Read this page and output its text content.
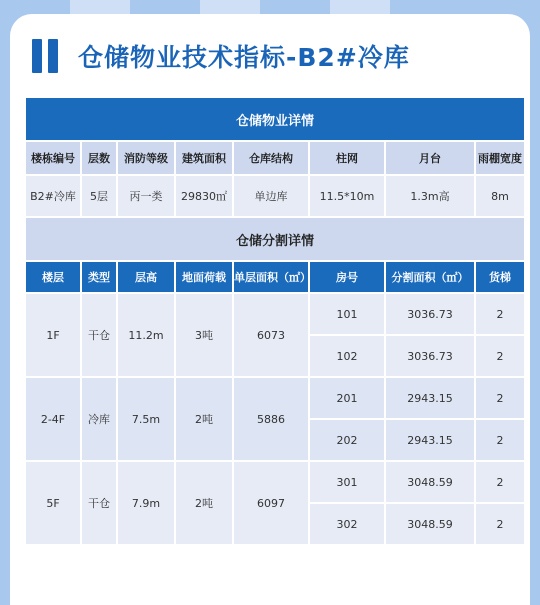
仓储物业技术指标-B2#冷库
仓储物业详情							
楼栋编号	层数	消防等级	建筑面积	仓库结构	柱网	月台	雨棚宽度
B2#冷库	5层	丙一类	29830㎡	单边库	11.5*10m	1.3m高	8m
仓储分割详情							
楼层	类型	层高	地面荷载	单层面积（㎡）	房号	分割面积（㎡）	货梯
1F	干仓	11.2m	3吨	6073	101	3036.73	2
					102	3036.73	2
2-4F	冷库	7.5m	2吨	5886	201	2943.15	2
					202	2943.15	2
5F	干仓	7.9m	2吨	6097	301	3048.59	2
					302	3048.59	2
